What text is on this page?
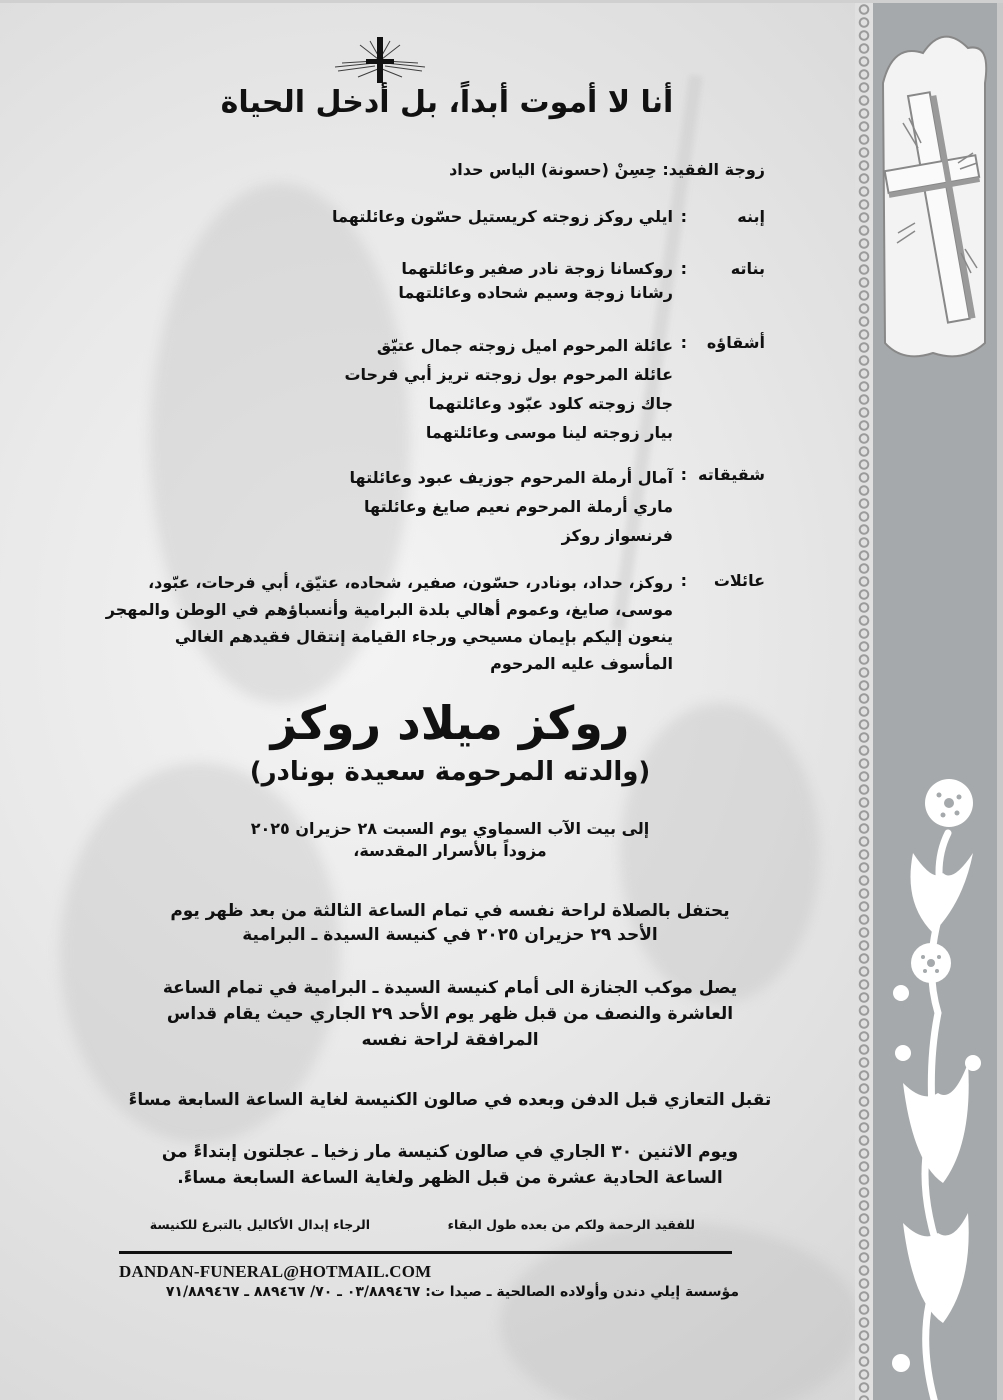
أنا لا أموت أبداً، بل أدخل الحياة
زوجة الفقيد: حِسِنْ (حسونة) الياس حداد
إبنه
:
ايلي روكز زوجته كريستيل حسّون وعائلتهما
بناته
:
روكسانا زوجة نادر صفير وعائلتهما
رشانا زوجة وسيم شحاده وعائلتهما
أشقاؤه
:
عائلة المرحوم اميل زوجته جمال عتيّق
عائلة المرحوم بول زوجته تريز أبي فرحات
جاك زوجته كلود عبّود وعائلتهما
بيار زوجته لينا موسى وعائلتهما
شقيقاته
:
آمال أرملة المرحوم جوزيف عبود وعائلتها
ماري أرملة المرحوم نعيم صايغ وعائلتها
فرنسواز روكز
عائلات
:
روكز، حداد، بونادر، حسّون، صفير، شحاده، عتيّق، أبي فرحات، عبّود،
موسى، صايغ، وعموم أهالي بلدة البرامية وأنسباؤهم في الوطن والمهجر
ينعون إليكم بإيمان مسيحي ورجاء القيامة إنتقال فقيدهم الغالي
المأسوف عليه المرحوم
روكز ميلاد روكز
(والدته المرحومة سعيدة بونادر)
إلى بيت الآب السماوي يوم السبت ٢٨ حزيران ٢٠٢٥
مزوداً بالأسرار المقدسة،
يحتفل بالصلاة لراحة نفسه في تمام الساعة الثالثة من بعد ظهر يوم
الأحد ٢٩ حزيران ٢٠٢٥ في كنيسة السيدة ـ البرامية
يصل موكب الجنازة الى أمام كنيسة السيدة ـ البرامية في تمام الساعة
العاشرة والنصف من قبل ظهر يوم الأحد ٢٩ الجاري حيث يقام قداس
المرافقة لراحة نفسه
تقبل التعازي قبل الدفن وبعده في صالون الكنيسة لغاية الساعة السابعة مساءً
ويوم الاثنين ٣٠ الجاري في صالون كنيسة مار زخيا ـ عجلتون إبتداءً من
الساعة الحادية عشرة من قبل الظهر ولغاية الساعة السابعة مساءً.
للفقيد الرحمة ولكم من بعده طول البقاء
الرجاء إبدال الأكاليل بالتبرع للكنيسة
DANDAN-FUNERAL@HOTMAIL.COM
مؤسسة إيلي دندن وأولاده الصالحية ـ صيدا ت: ٠٣/٨٨٩٤٦٧ ـ ٧٠/ ٨٨٩٤٦٧ ـ ٧١/٨٨٩٤٦٧
